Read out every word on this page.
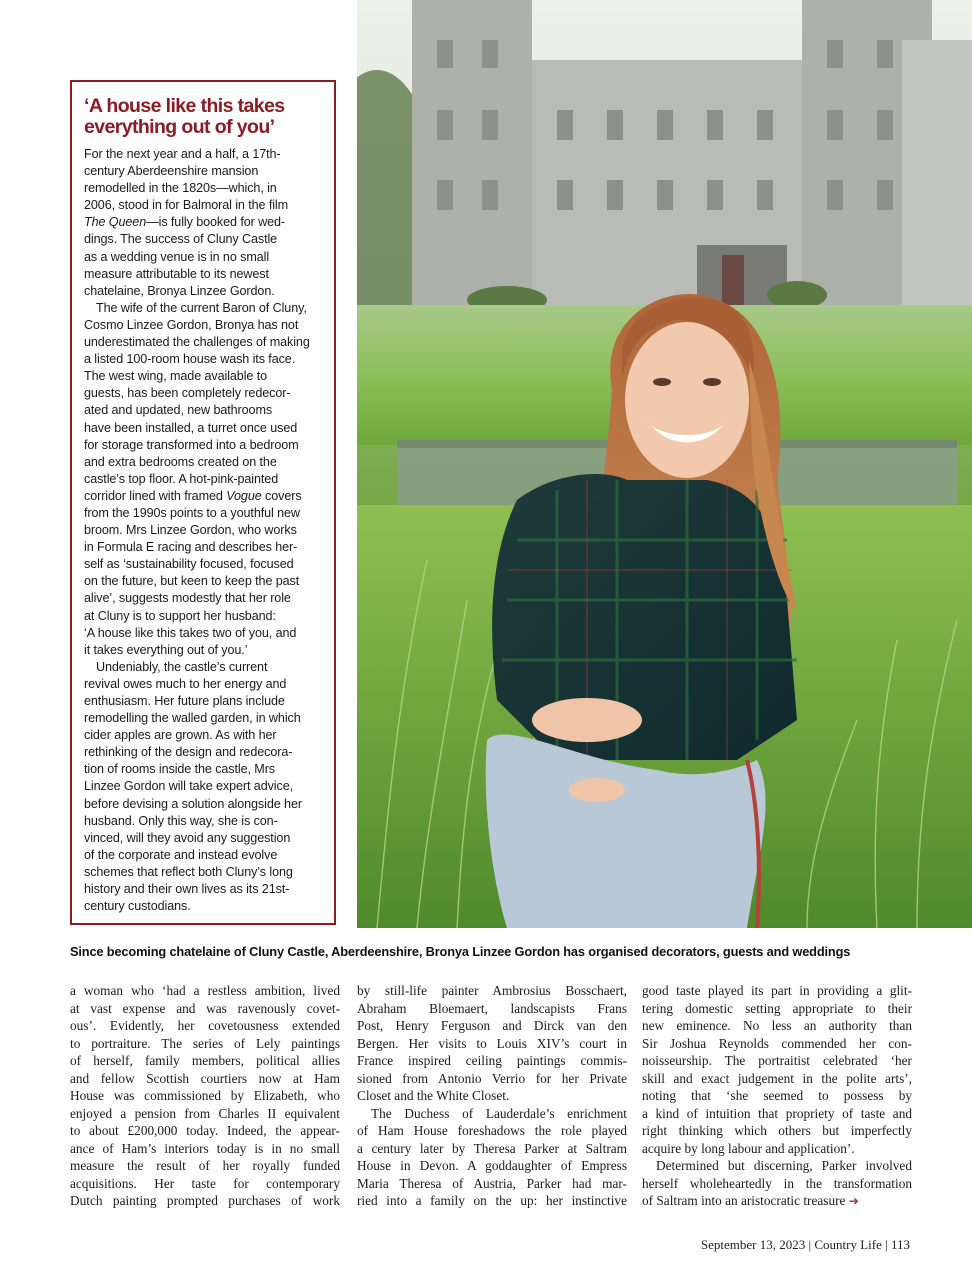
‘A house like this takes
everything out of you’

For the next year and a half, a 17th-
century Aberdeenshire mansion
remodelled in the 1820s—which, in
2006, stood in for Balmoral in the film
The Queen—is fully booked for wed-
dings. The success of Cluny Castle
as a wedding venue is in no small
measure attributable to its newest
chatelaine, Bronya Linzee Gordon.

The wife of the current Baron of Cluny,
Cosmo Linzee Gordon, Bronya has not
underestimated the challenges of making
a listed 100-room house wash its face.
The west wing, made available to
guests, has been completely redecor-
ated and updated, new bathrooms
have been installed, a turret once used
for storage transformed into a bedroom
and extra bedrooms created on the
castle’s top floor. A hot-pink-painted
corridor lined with framed Vogue covers
from the 1990s points to a youthful new
broom. Mrs Linzee Gordon, who works
in Formula E racing and describes her-
self as ‘sustainability focused, focused
on the future, but keen to keep the past
alive’, suggests modestly that her role
at Cluny is to support her husband:
‘A house like this takes two of you, and
it takes everything out of you.’

Undeniably, the castle’s current
revival owes much to her energy and
enthusiasm. Her future plans include
remodelling the walled garden, in which
cider apples are grown. As with her
rethinking of the design and redecora-
tion of rooms inside the castle, Mrs
Linzee Gordon will take expert advice,
before devising a solution alongside her
husband. Only this way, she is con-
vinced, will they avoid any suggestion
of the corporate and instead evolve
schemes that reflect both Cluny’s long
history and their own lives as its 21st-
century custodians.

Since becoming chatelaine of Cluny Castle, Aberdeenshire, Bronya Linzee Gordon has organised decorators, guests and weddings
a woman who ‘had a restless ambition, lived
at vast expense and was ravenously covet-
ous’. Evidently, her covetousness extended
to portraiture. The series of Lely paintings
of herself, family members, political allies
and fellow Scottish courtiers now at Ham
House was commissioned by Elizabeth, who
enjoyed a pension from Charles II equivalent
to about £200,000 today. Indeed, the appear-
ance of Ham’s interiors today is in no small
measure the result of her royally funded
acquisitions. Her taste for contemporary
Dutch painting prompted purchases of work
by still-life painter Ambrosius Bosschaert,
Abraham Bloemaert, landscapists Frans
Post, Henry Ferguson and Dirck van den
Bergen. Her visits to Louis XIV’s court in
France inspired ceiling paintings commis-
sioned from Antonio Verrio for her Private
Closet and the White Closet.
The Duchess of Lauderdale’s enrichment
of Ham House foreshadows the role played
a century later by Theresa Parker at Saltram
House in Devon. A goddaughter of Empress
Maria Theresa of Austria, Parker had mar-
ried into a family on the up: her instinctive
good taste played its part in providing a glit-
tering domestic setting appropriate to their
new eminence. No less an authority than
Sir Joshua Reynolds commended her con-
noisseurship. The portraitist celebrated ‘her
skill and exact judgement in the polite arts’,
noting that ‘she seemed to possess by
a kind of intuition that propriety of taste and
right thinking which others but imperfectly
acquire by long labour and application’.
Determined but discerning, Parker involved
herself wholeheartedly in the transformation
of Saltram into an aristocratic treasure ➔
September 13, 2023 | Country Life | 113
